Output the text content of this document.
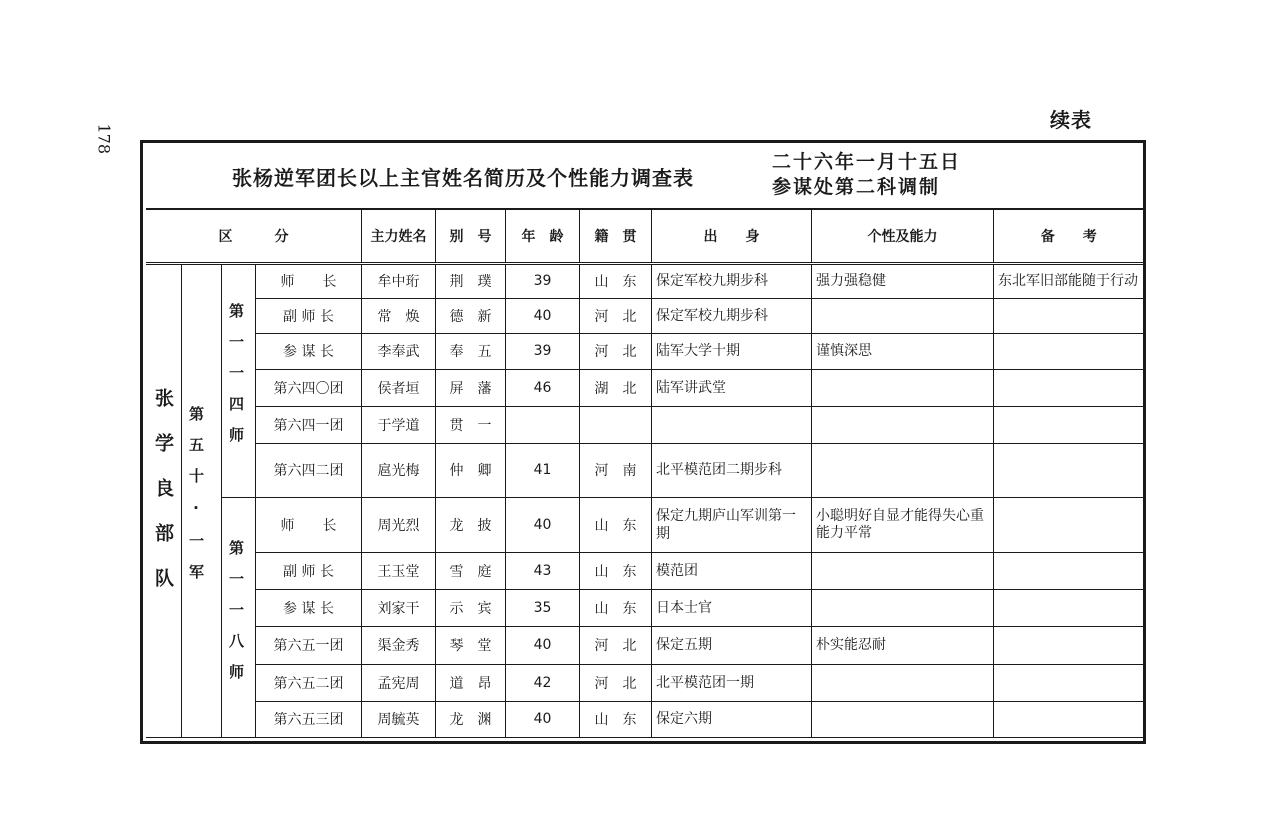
178
续表
张杨逆军团长以上主官姓名简历及个性能力调查表
二十六年一月十五日
参谋处第二科调制
区　　　分				主力姓名	别　号	年　龄	籍　贯	出　　身	个性及能力	备　　考

张学良部队	第五十·一军	第一一四师	师　　长	牟中珩	荆　璞	39	山　东	保定军校九期步科	强力强稳健	东北军旧部能随于行动
			副 师 长	常　焕	德　新	40	河　北	保定军校九期步科		
			参 谋 长	李奉武	奉　五	39	河　北	陆军大学十期	谨慎深思	
			第六四〇团	侯者垣	屏　藩	46	湖　北	陆军讲武堂		
			第六四一团	于学道	贯　一					
			第六四二团	扈光梅	仲　卿	41	河　南	北平模范团二期步科		

		第一一八师	师　　长	周光烈	龙　披	40	山　东	保定九期庐山军训第一期	小聪明好自显才能得失心重能力平常	
			副 师 长	王玉堂	雪　庭	43	山　东	模范团		
			参 谋 长	刘家干	示　宾	35	山　东	日本士官		
			第六五一团	渠金秀	琴　堂	40	河　北	保定五期	朴实能忍耐	
			第六五二团	孟宪周	道　昂	42	河　北	北平模范团一期		
			第六五三团	周毓英	龙　渊	40	山　东	保定六期		
